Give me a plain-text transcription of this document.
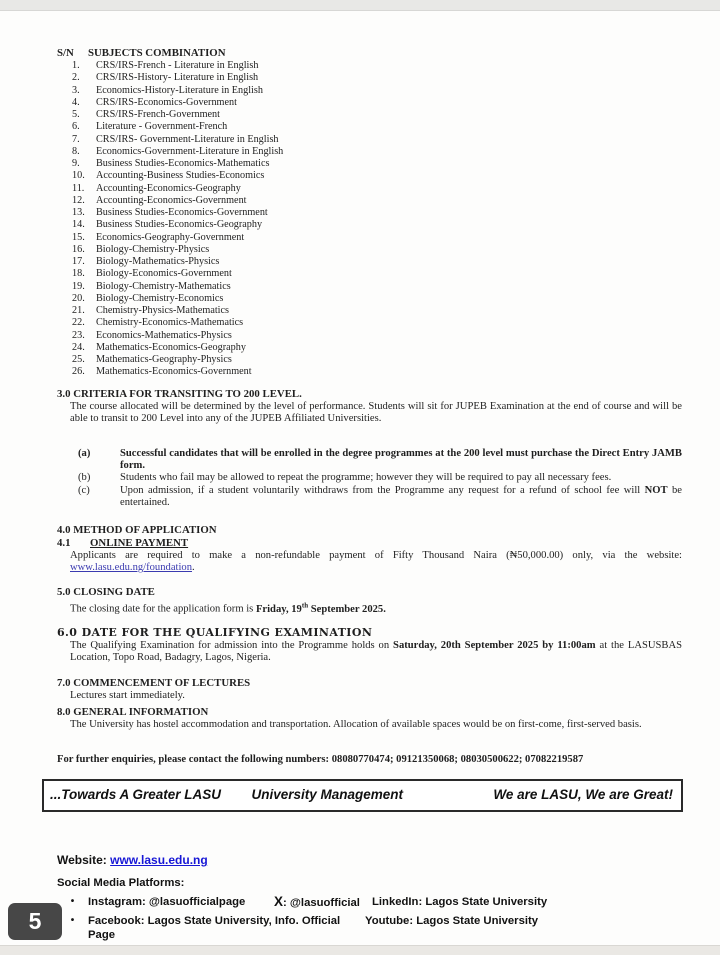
S/N	SUBJECTS COMBINATION
1.	CRS/IRS-French - Literature in English
2.	CRS/IRS-History- Literature in English
3.	Economics-History-Literature in English
4.	CRS/IRS-Economics-Government
5.	CRS/IRS-French-Government
6.	Literature - Government-French
7.	CRS/IRS- Government-Literature in English
8.	Economics-Government-Literature in English
9.	Business Studies-Economics-Mathematics
10.	Accounting-Business Studies-Economics
11.	Accounting-Economics-Geography
12.	Accounting-Economics-Government
13.	Business Studies-Economics-Government
14.	Business Studies-Economics-Geography
15.	Economics-Geography-Government
16.	Biology-Chemistry-Physics
17.	Biology-Mathematics-Physics
18.	Biology-Economics-Government
19.	Biology-Chemistry-Mathematics
20.	Biology-Chemistry-Economics
21.	Chemistry-Physics-Mathematics
22.	Chemistry-Economics-Mathematics
23.	Economics-Mathematics-Physics
24.	Mathematics-Economics-Geography
25.	Mathematics-Geography-Physics
26.	Mathematics-Economics-Government
3.0 CRITERIA FOR TRANSITING TO 200 LEVEL.
The course allocated will be determined by the level of performance. Students will sit for JUPEB Examination at the end of course and will be able to transit to 200 Level into any of the JUPEB Affiliated Universities.
(a)	Successful candidates that will be enrolled in the degree programmes at the 200 level must purchase the Direct Entry JAMB form.
(b)	Students who fail may be allowed to repeat the programme; however they will be required to pay all necessary fees.
(c)	Upon admission, if a student voluntarily withdraws from the Programme any request for a refund of school fee will NOT be entertained.
4.0 METHOD OF APPLICATION
4.1	ONLINE PAYMENT
Applicants are required to make a non-refundable payment of Fifty Thousand Naira (₦50,000.00) only, via the website: www.lasu.edu.ng/foundation.
5.0 CLOSING DATE
The closing date for the application form is Friday, 19th September 2025.
6.0 DATE FOR THE QUALIFYING EXAMINATION
The Qualifying Examination for admission into the Programme holds on Saturday, 20th September 2025 by 11:00am at the LASUSBAS Location, Topo Road, Badagry, Lagos, Nigeria.
7.0 COMMENCEMENT OF LECTURES
Lectures start immediately.
8.0 GENERAL INFORMATION
The University has hostel accommodation and transportation. Allocation of available spaces would be on first-come, first-served basis.
For further enquiries, please contact the following numbers: 08080770474; 09121350068; 08030500622; 07082219587
...Towards A Greater LASU University Management	We are LASU, We are Great!
Website: www.lasu.edu.ng
Social Media Platforms:
•	Instagram: @lasuofficialpage	X: @lasuofficial	LinkedIn: Lagos State University
•	Facebook: Lagos State University, Info. Official Page
Youtube: Lagos State University
5
